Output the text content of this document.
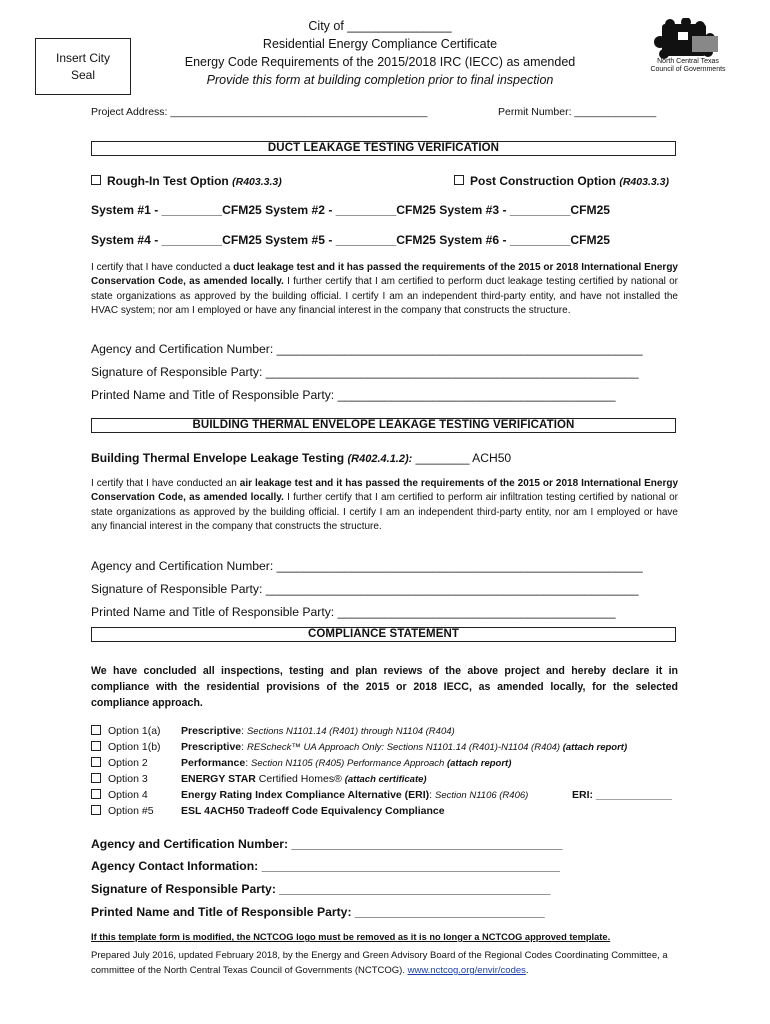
Insert City
Seal
City of _______________
Residential Energy Compliance Certificate
Energy Code Requirements of the 2015/2018 IRC (IECC) as amended
Provide this form at building completion prior to final inspection
North Central Texas
Council of Governments
Project Address: ____________________________________________	Permit Number: ______________
DUCT LEAKAGE TESTING VERIFICATION
Rough-In Test Option (R403.3.3)	Post Construction Option (R403.3.3)
System #1 - _________CFM25 System #2 - _________CFM25 System #3 - _________CFM25
System #4 - _________CFM25 System #5 - _________CFM25 System #6 - _________CFM25
I certify that I have conducted a duct leakage test and it has passed the requirements of the 2015 or 2018 International Energy Conservation Code, as amended locally. I further certify that I am certified to perform duct leakage testing certified by national or state organizations as approved by the building official. I certify I am an independent third-party entity, and have not installed the HVAC system; nor am I employed or have any financial interest in the company that constructs the structure.
Agency and Certification Number: ______________________________________________________
Signature of Responsible Party: _______________________________________________________
Printed Name and Title of Responsible Party: _________________________________________
BUILDING THERMAL ENVELOPE LEAKAGE TESTING VERIFICATION
Building Thermal Envelope Leakage Testing (R402.4.1.2): ________ ACH50
I certify that I have conducted an air leakage test and it has passed the requirements of the 2015 or 2018 International Energy Conservation Code, as amended locally. I further certify that I am certified to perform air infiltration testing certified by national or state organizations as approved by the building official. I certify I am an independent third-party entity, nor am I employed or have any financial interest in the company that constructs the structure.
Agency and Certification Number: ______________________________________________________
Signature of Responsible Party: _______________________________________________________
Printed Name and Title of Responsible Party: _________________________________________
COMPLIANCE STATEMENT
We have concluded all inspections, testing and plan reviews of the above project and hereby declare it in compliance with the residential provisions of the 2015 or 2018 IECC, as amended locally, for the selected compliance approach.
Option 1(a) Prescriptive: Sections N1101.14 (R401) through N1104 (R404)
Option 1(b) Prescriptive: REScheck™ UA Approach Only: Sections N1101.14 (R401)-N1104 (R404) (attach report)
Option 2	Performance: Section N1105 (R405) Performance Approach (attach report)
Option 3	ENERGY STAR Certified Homes® (attach certificate)
Option 4	Energy Rating Index Compliance Alternative (ERI): Section N1106 (R406)	ERI: _____________
Option #5	ESL 4ACH50 Tradeoff Code Equivalency Compliance
Agency and Certification Number: ________________________________________
Agency Contact Information: ____________________________________________
Signature of Responsible Party: ________________________________________
Printed Name and Title of Responsible Party: ____________________________
If this template form is modified, the NCTCOG logo must be removed as it is no longer a NCTCOG approved template.
Prepared July 2016, updated February 2018, by the Energy and Green Advisory Board of the Regional Codes Coordinating Committee, a committee of the North Central Texas Council of Governments (NCTCOG). www.nctcog.org/envir/codes.
